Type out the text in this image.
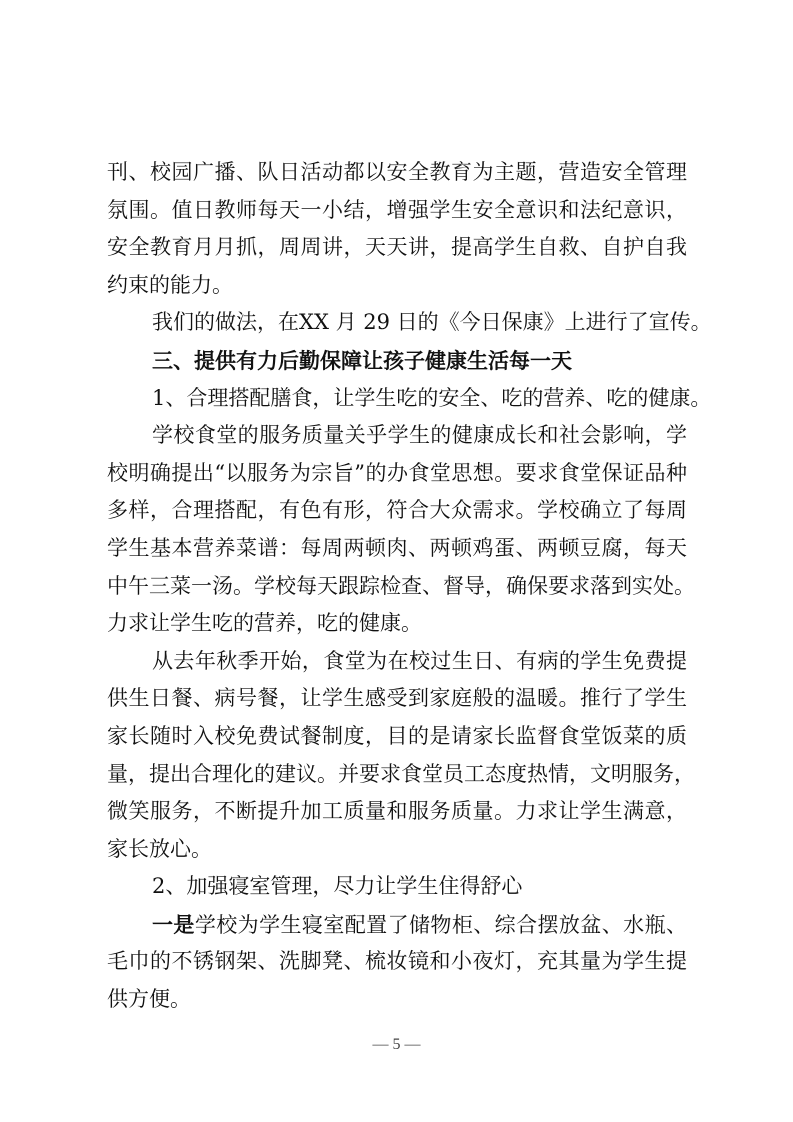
刊、校园广播、队日活动都以安全教育为主题，营造安全管理
氛围。值日教师每天一小结，增强学生安全意识和法纪意识，
安全教育月月抓，周周讲，天天讲，提高学生自救、自护自我
约束的能力。
我们的做法，在XX 月 29 日的《今日保康》上进行了宣传。
三、提供有力后勤保障让孩子健康生活每一天
1、合理搭配膳食，让学生吃的安全、吃的营养、吃的健康。
学校食堂的服务质量关乎学生的健康成长和社会影响，学
校明确提出“以服务为宗旨”的办食堂思想。要求食堂保证品种
多样，合理搭配，有色有形，符合大众需求。学校确立了每周
学生基本营养菜谱：每周两顿肉、两顿鸡蛋、两顿豆腐，每天
中午三菜一汤。学校每天跟踪检查、督导，确保要求落到实处。
力求让学生吃的营养，吃的健康。
从去年秋季开始，食堂为在校过生日、有病的学生免费提
供生日餐、病号餐，让学生感受到家庭般的温暖。推行了学生
家长随时入校免费试餐制度，目的是请家长监督食堂饭菜的质
量，提出合理化的建议。并要求食堂员工态度热情，文明服务，
微笑服务，不断提升加工质量和服务质量。力求让学生满意，
家长放心。
2、加强寝室管理，尽力让学生住得舒心
一是学校为学生寝室配置了储物柜、综合摆放盆、水瓶、
毛巾的不锈钢架、洗脚凳、梳妆镜和小夜灯，充其量为学生提
供方便。
— 5 —
